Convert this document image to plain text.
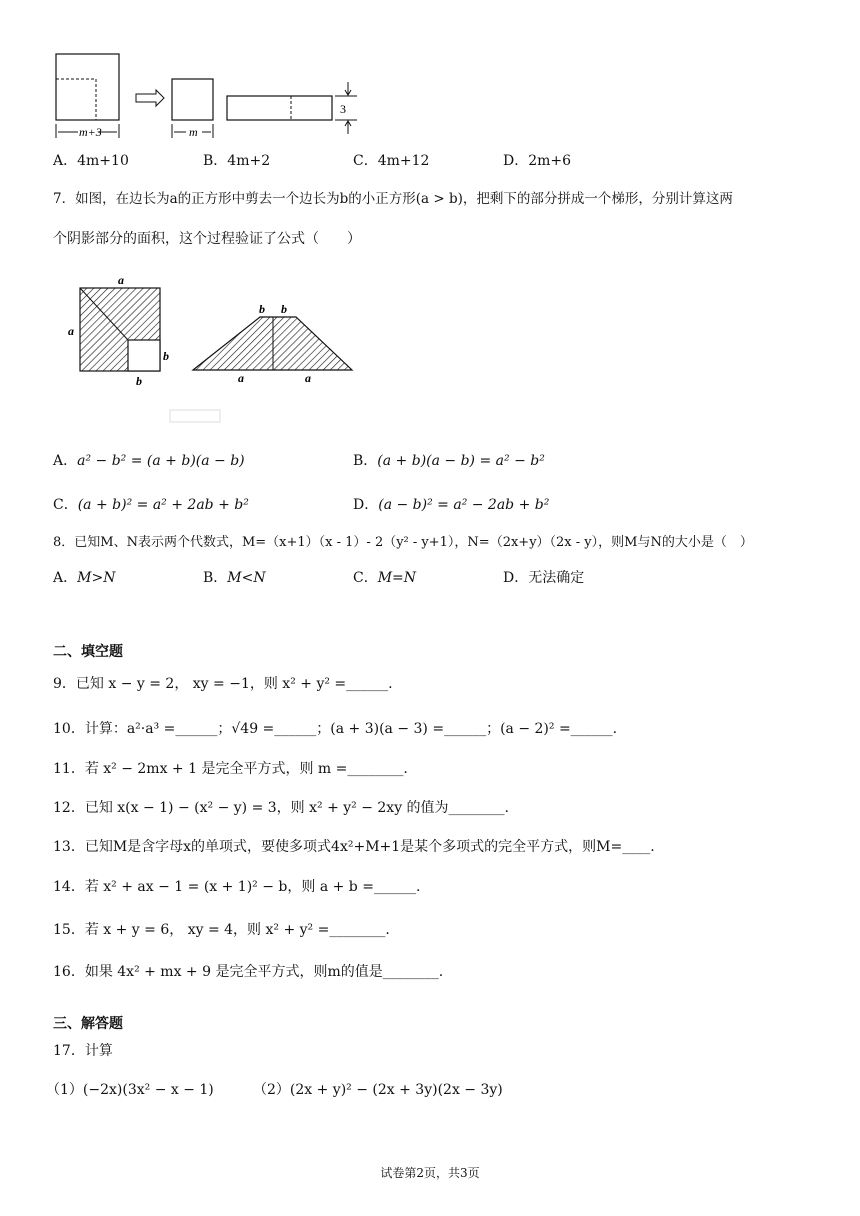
m+3	m
3
A．4m+10	B．4m+2	C．4m+12	D．2m+6
7．如图，在边长为a的正方形中剪去一个边长为b的小正方形(a > b)，把剩下的部分拼成一个梯形，分别计算这两
个阴影部分的面积，这个过程验证了公式（　　）
a
a
b
b
b b
a	a
A．a² − b² = (a + b)(a − b)	B．(a + b)(a − b) = a² − b²
C．(a + b)² = a² + 2ab + b²	D．(a − b)² = a² − 2ab + b²
8．已知M、N表示两个代数式，M=（x+1）（x - 1）- 2（y² - y+1），N=（2x+y）（2x - y），则M与N的大小是（　）
A．M>N	B．M<N	C．M=N	D．无法确定
二、填空题
9．已知 x − y = 2， xy = −1，则 x² + y² =______.
10．计算：a²·a³ =______；√49 =______；(a + 3)(a − 3) =______；(a − 2)² =______.
11．若 x² − 2mx + 1 是完全平方式，则 m =________.
12．已知 x(x − 1) − (x² − y) = 3，则 x² + y² − 2xy 的值为________.
13．已知M是含字母x的单项式，要使多项式4x²+M+1是某个多项式的完全平方式，则M=____.
14．若 x² + ax − 1 = (x + 1)² − b，则 a + b =______.
15．若 x + y = 6， xy = 4，则 x² + y² =________.
16．如果 4x² + mx + 9 是完全平方式，则m的值是________.
三、解答题
17．计算
（1）(−2x)(3x² − x − 1)	（2）(2x + y)² − (2x + 3y)(2x − 3y)
试卷第2页，共3页
